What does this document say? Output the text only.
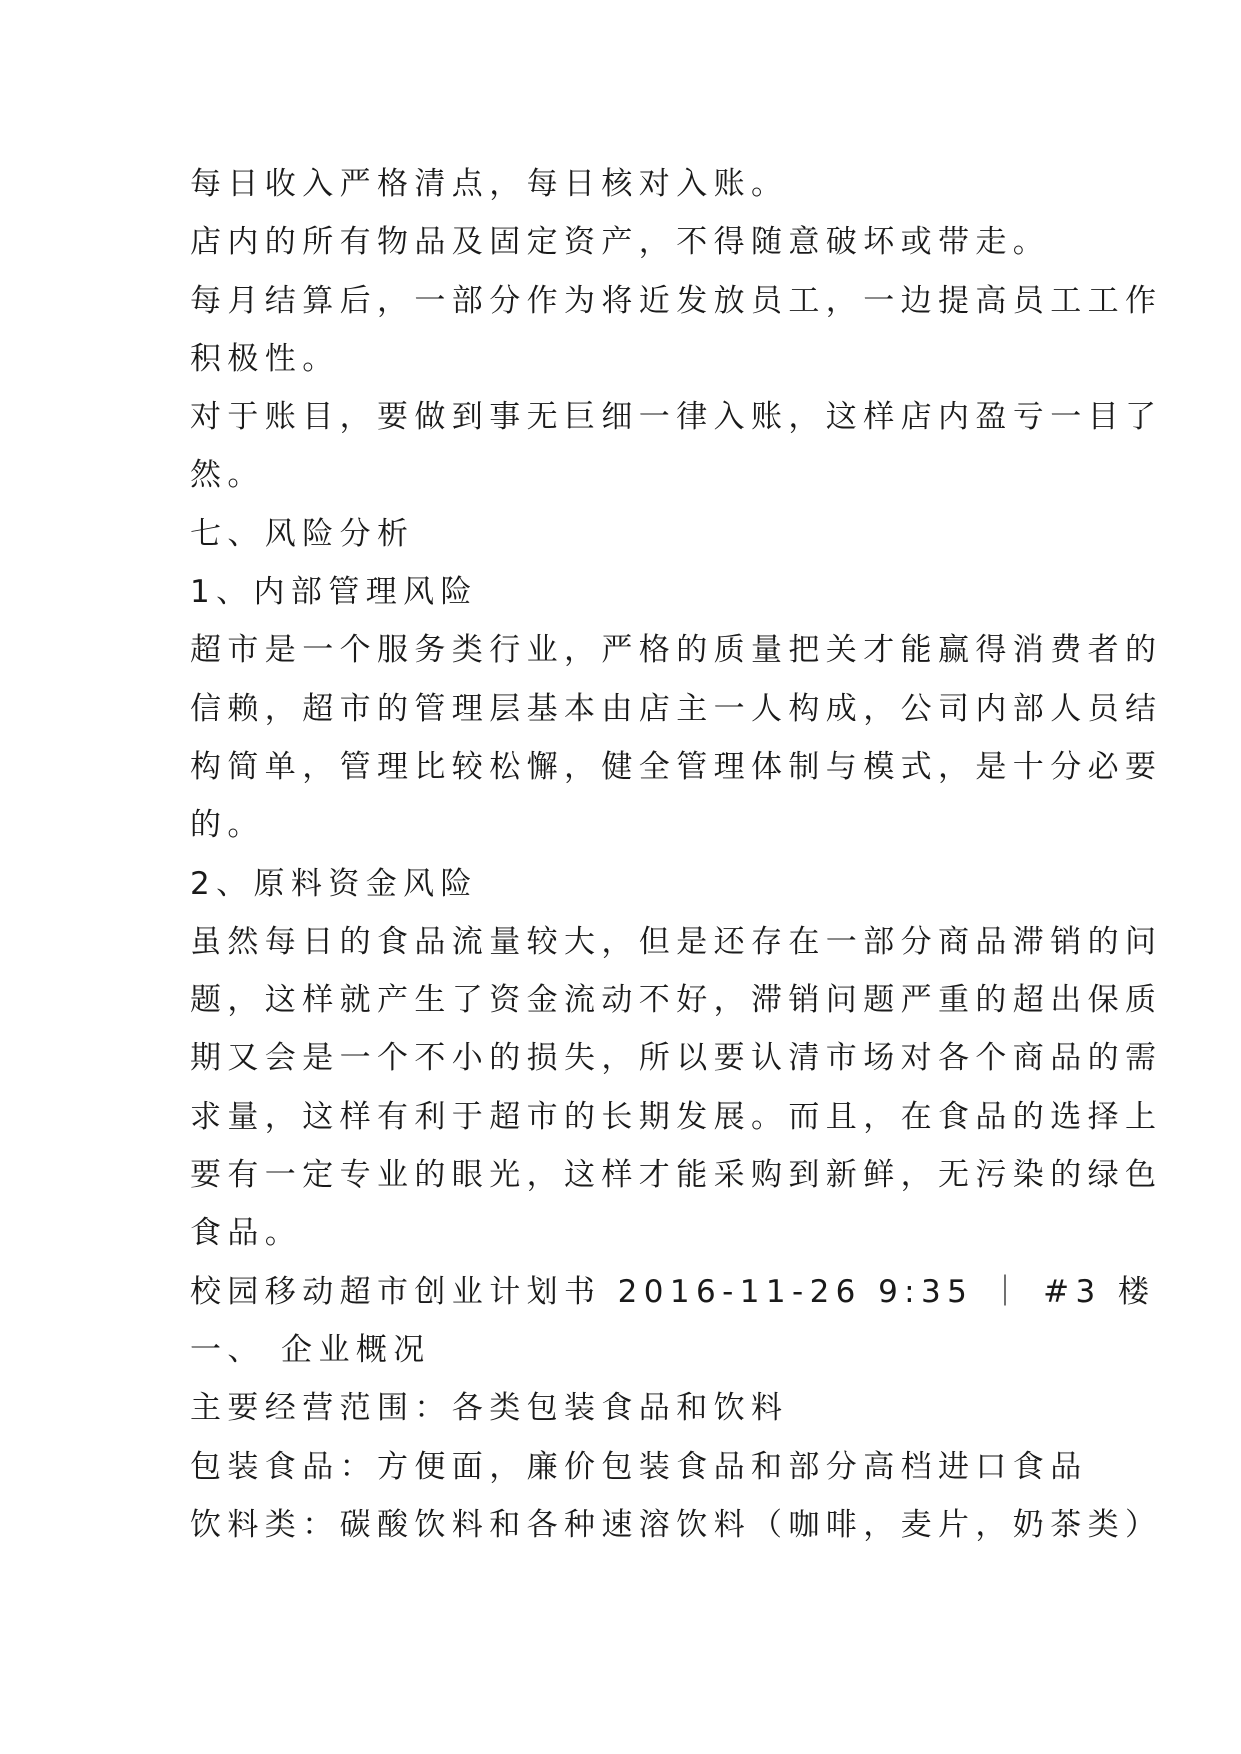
每日收入严格清点，每日核对入账。
店内的所有物品及固定资产，不得随意破坏或带走。
每月结算后，一部分作为将近发放员工，一边提高员工工作
积极性。
对于账目，要做到事无巨细一律入账，这样店内盈亏一目了
然。
七、风险分析
1、内部管理风险
超市是一个服务类行业，严格的质量把关才能赢得消费者的
信赖，超市的管理层基本由店主一人构成，公司内部人员结
构简单，管理比较松懈，健全管理体制与模式，是十分必要
的。
2、原料资金风险
虽然每日的食品流量较大，但是还存在一部分商品滞销的问
题，这样就产生了资金流动不好，滞销问题严重的超出保质
期又会是一个不小的损失，所以要认清市场对各个商品的需
求量，这样有利于超市的长期发展。而且，在食品的选择上
要有一定专业的眼光，这样才能采购到新鲜，无污染的绿色
食品。
校园移动超市创业计划书 2016-11-26 9:35 ｜ #3 楼
一、 企业概况
主要经营范围：各类包装食品和饮料
包装食品：方便面，廉价包装食品和部分高档进口食品
饮料类：碳酸饮料和各种速溶饮料（咖啡，麦片，奶茶类）
